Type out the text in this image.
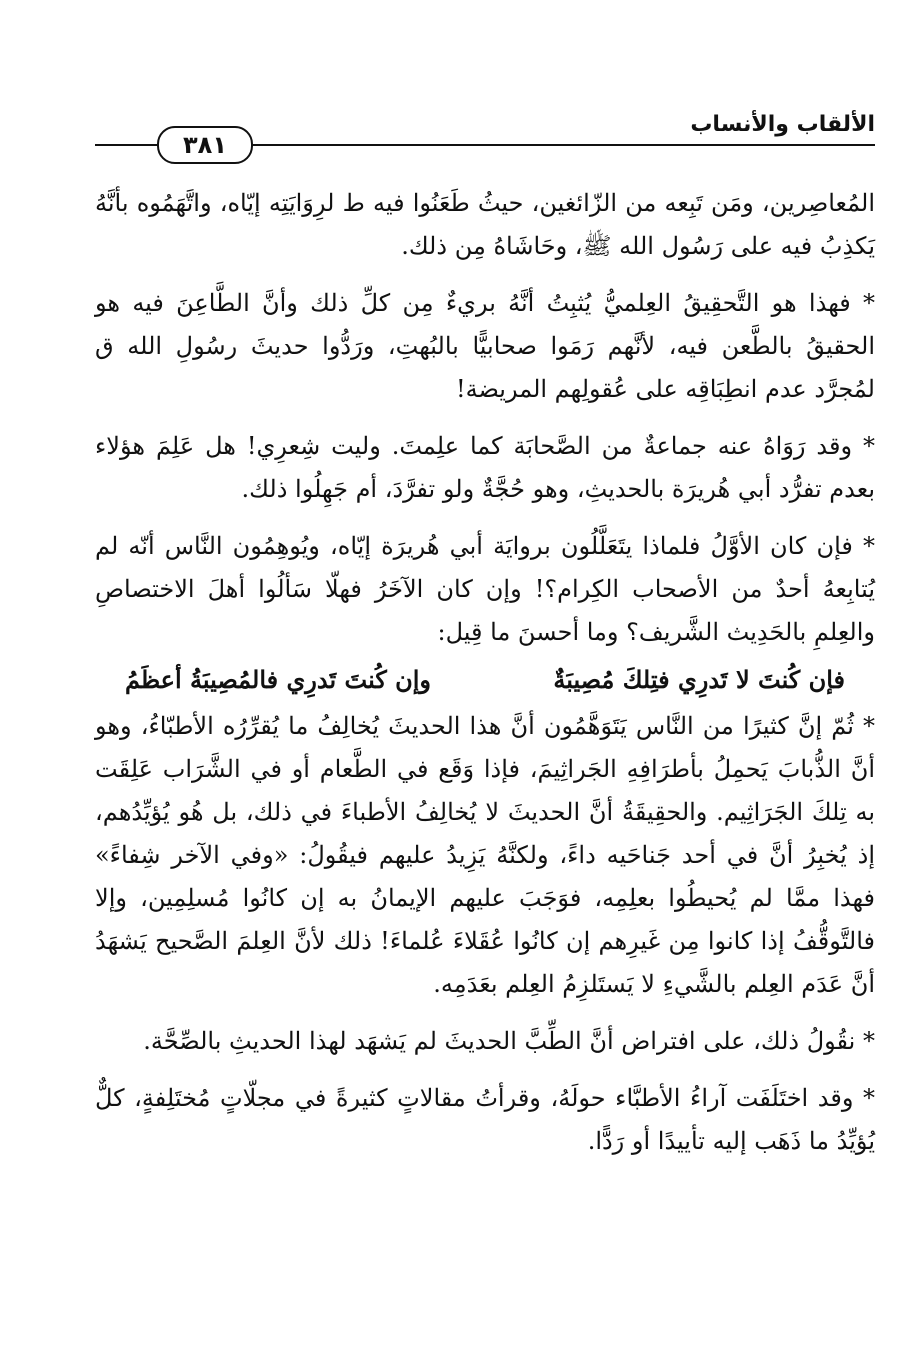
الألقاب والأنساب
٣٨١

المُعاصِرين، ومَن تَبِعه من الزّائغين، حيثُ طَعَنُوا فيه ط لرِوَايَتِه إيّاه، واتَّهَمُوه بأنَّهُ يَكذِبُ فيه على رَسُول الله ﷺ، وحَاشَاهُ مِن ذلك.

* فهذا هو التَّحقِيقُ العِلميُّ يُثبِتُ أنَّهُ بريءٌ مِن كلِّ ذلك وأنَّ الطَّاعِنَ فيه هو الحقيقُ بالطَّعن فيه، لأنَّهم رَمَوا صحابيًّا بالبُهتِ، ورَدُّوا حديثَ رسُولِ الله ق لمُجرَّد عدم انطِبَاقِه على عُقولِهم المريضة!

* وقد رَوَاهُ عنه جماعةٌ من الصَّحابَة كما علِمتَ. وليت شِعرِي! هل عَلِمَ هؤلاء بعدم تفرُّد أبي هُريرَة بالحديثِ، وهو حُجَّةٌ ولو تفرَّدَ، أم جَهِلُوا ذلك.

* فإن كان الأوَّلُ فلماذا يتَعَلَّلُون بروايَة أبي هُريرَة إيّاه، ويُوهِمُون النَّاس أنّه لم يُتابِعهُ أحدٌ من الأصحاب الكِرام؟! وإن كان الآخَرُ فهلّا سَألُوا أهلَ الاختصاصِ والعِلمِ بالحَدِيث الشَّريف؟ وما أحسنَ ما قِيل:

فإن كُنتَ لا تَدرِي فتِلكَ مُصِيبَةٌ
وإن كُنتَ تَدرِي فالمُصِيبَةُ أعظَمُ

* ثُمّ إنَّ كثيرًا من النَّاس يَتَوَهَّمُون أنَّ هذا الحديثَ يُخالِفُ ما يُقرِّرُه الأطبّاءُ، وهو أنَّ الذُّبابَ يَحمِلُ بأطرَافِهِ الجَراثِيمَ، فإذا وَقَع في الطَّعام أو في الشَّرَاب عَلِقَت به تِلكَ الجَرَاثِيم. والحقِيقَةُ أنَّ الحديثَ لا يُخالِفُ الأطباءَ في ذلك، بل هُو يُؤيِّدُهم، إذ يُخبِرُ أنَّ في أحد جَناحَيه داءً، ولكنَّهُ يَزِيدُ عليهم فيقُولُ: «وفي الآخر شِفاءً» فهذا ممَّا لم يُحيطُوا بعلِمِه، فوَجَبَ عليهم الإيمانُ به إن كانُوا مُسلِمِين، وإلا فالتَّوقُّفُ إذا كانوا مِن غَيرِهم إن كانُوا عُقَلاءَ عُلماءَ! ذلك لأنَّ العِلمَ الصَّحيح يَشهَدُ أنَّ عَدَم العِلم بالشَّيءِ لا يَستَلزِمُ العِلم بعَدَمِه.

* نقُولُ ذلك، على افتراض أنَّ الطِّبَّ الحديثَ لم يَشهَد لهذا الحديثِ بالصِّحَّة.

* وقد اختَلَفَت آراءُ الأطبَّاء حولَهُ، وقرأتُ مقالاتٍ كثيرةً في مجلّاتٍ مُختَلِفةٍ، كلٌّ يُؤيِّدُ ما ذَهَب إليه تأييدًا أو رَدًّا.
